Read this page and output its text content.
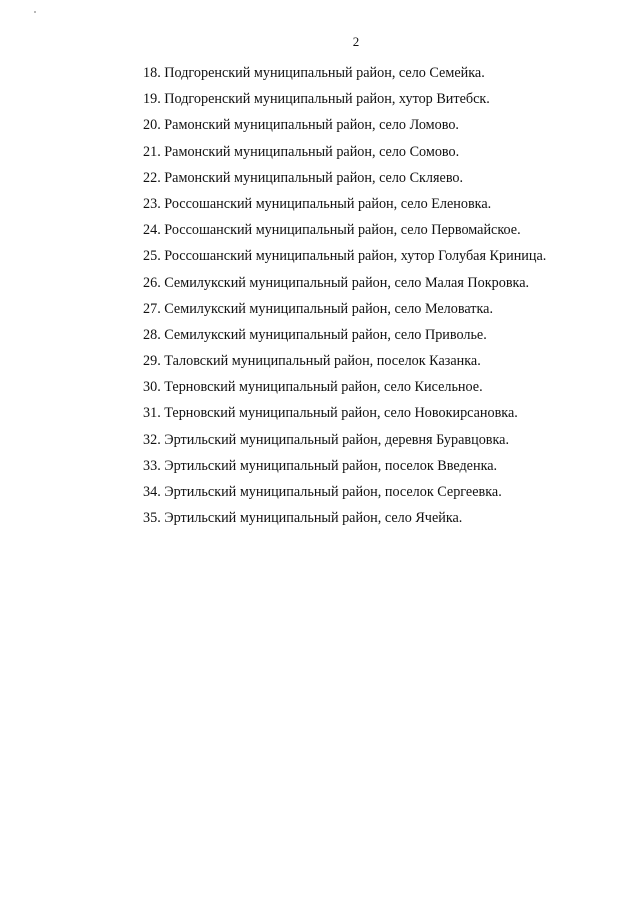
2
18. Подгоренский муниципальный район, село Семейка.
19. Подгоренский муниципальный район, хутор Витебск.
20. Рамонский муниципальный район, село Ломово.
21. Рамонский муниципальный район, село Сомово.
22. Рамонский муниципальный район, село Скляево.
23. Россошанский муниципальный район, село Еленовка.
24. Россошанский муниципальный район, село Первомайское.
25. Россошанский муниципальный район, хутор Голубая Криница.
26. Семилукский муниципальный район, село Малая Покровка.
27. Семилукский муниципальный район, село Меловатка.
28. Семилукский муниципальный район, село Приволье.
29. Таловский муниципальный район, поселок Казанка.
30. Терновский муниципальный район, село Кисельное.
31. Терновский муниципальный район, село Новокирсановка.
32. Эртильский муниципальный район, деревня Буравцовка.
33. Эртильский муниципальный район, поселок Введенка.
34. Эртильский муниципальный район, поселок Сергеевка.
35. Эртильский муниципальный район, село Ячейка.
